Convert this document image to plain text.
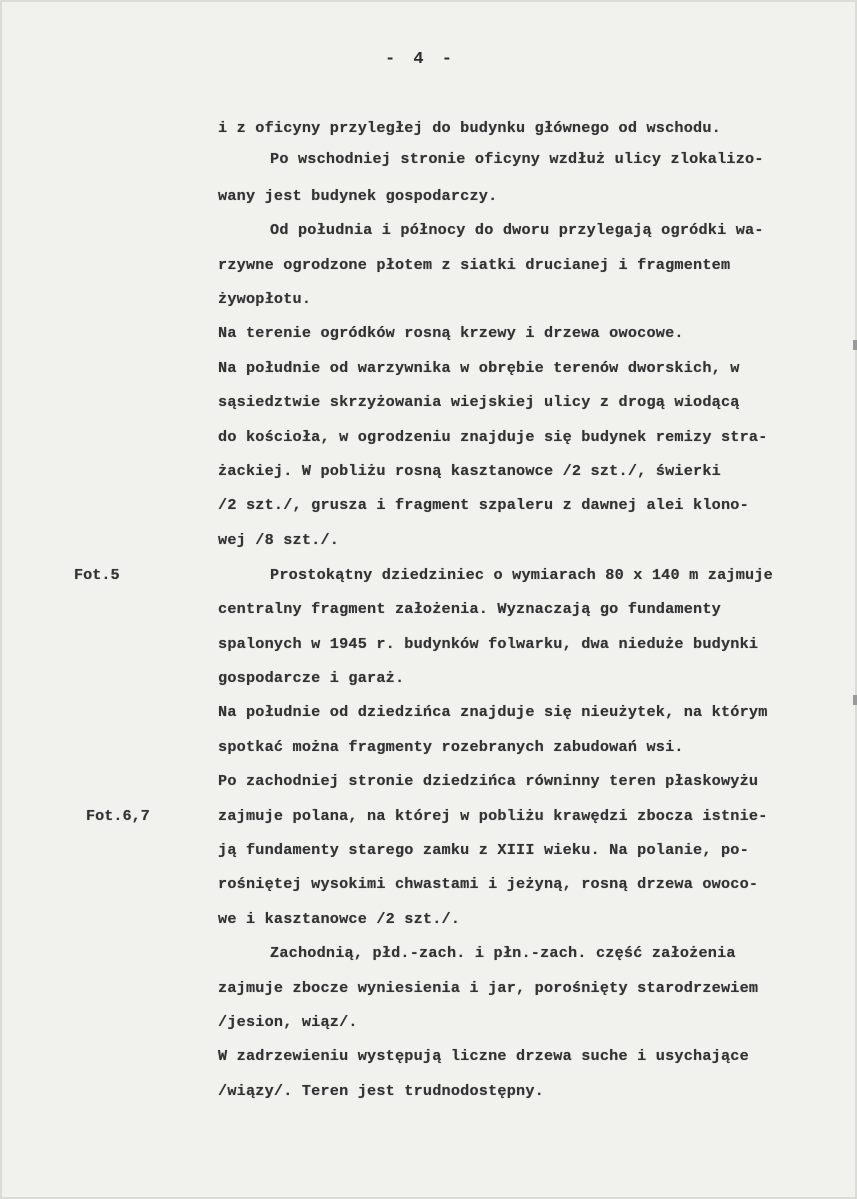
- 4 -
Fot.5
Fot.6,7
i z oficyny przyległej do budynku głównego od wschodu.
Po wschodniej stronie oficyny wzdłuż ulicy zlokalizo-
wany jest budynek gospodarczy.
Od południa i północy do dworu przylegają ogródki wa-
rzywne ogrodzone płotem z siatki drucianej i fragmentem
żywopłotu.
Na terenie ogródków rosną krzewy i drzewa owocowe.
Na południe od warzywnika w obrębie terenów dworskich, w
sąsiedztwie skrzyżowania wiejskiej ulicy z drogą wiodącą
do kościoła, w ogrodzeniu znajduje się budynek remizy stra-
żackiej. W pobliżu rosną kasztanowce /2 szt./, świerki
/2 szt./, grusza i fragment szpaleru z dawnej alei klono-
wej /8 szt./.
Prostokątny dziedziniec o wymiarach 80 x 140 m zajmuje
centralny fragment założenia. Wyznaczają go fundamenty
spalonych w 1945 r. budynków folwarku, dwa nieduże budynki
gospodarcze i garaż.
Na południe od dziedzińca znajduje się nieużytek, na którym
spotkać można fragmenty rozebranych zabudowań wsi.
Po zachodniej stronie dziedzińca równinny teren płaskowyżu
zajmuje polana, na której w pobliżu krawędzi zbocza istnie-
ją fundamenty starego zamku z XIII wieku. Na polanie, po-
rośniętej wysokimi chwastami i jeżyną, rosną drzewa owoco-
we i kasztanowce /2 szt./.
Zachodnią, płd.-zach. i płn.-zach. część założenia
zajmuje zbocze wyniesienia i jar, porośnięty starodrzewiem
/jesion, wiąz/.
W zadrzewieniu występują liczne drzewa suche i usychające
/wiązy/. Teren jest trudnodostępny.
